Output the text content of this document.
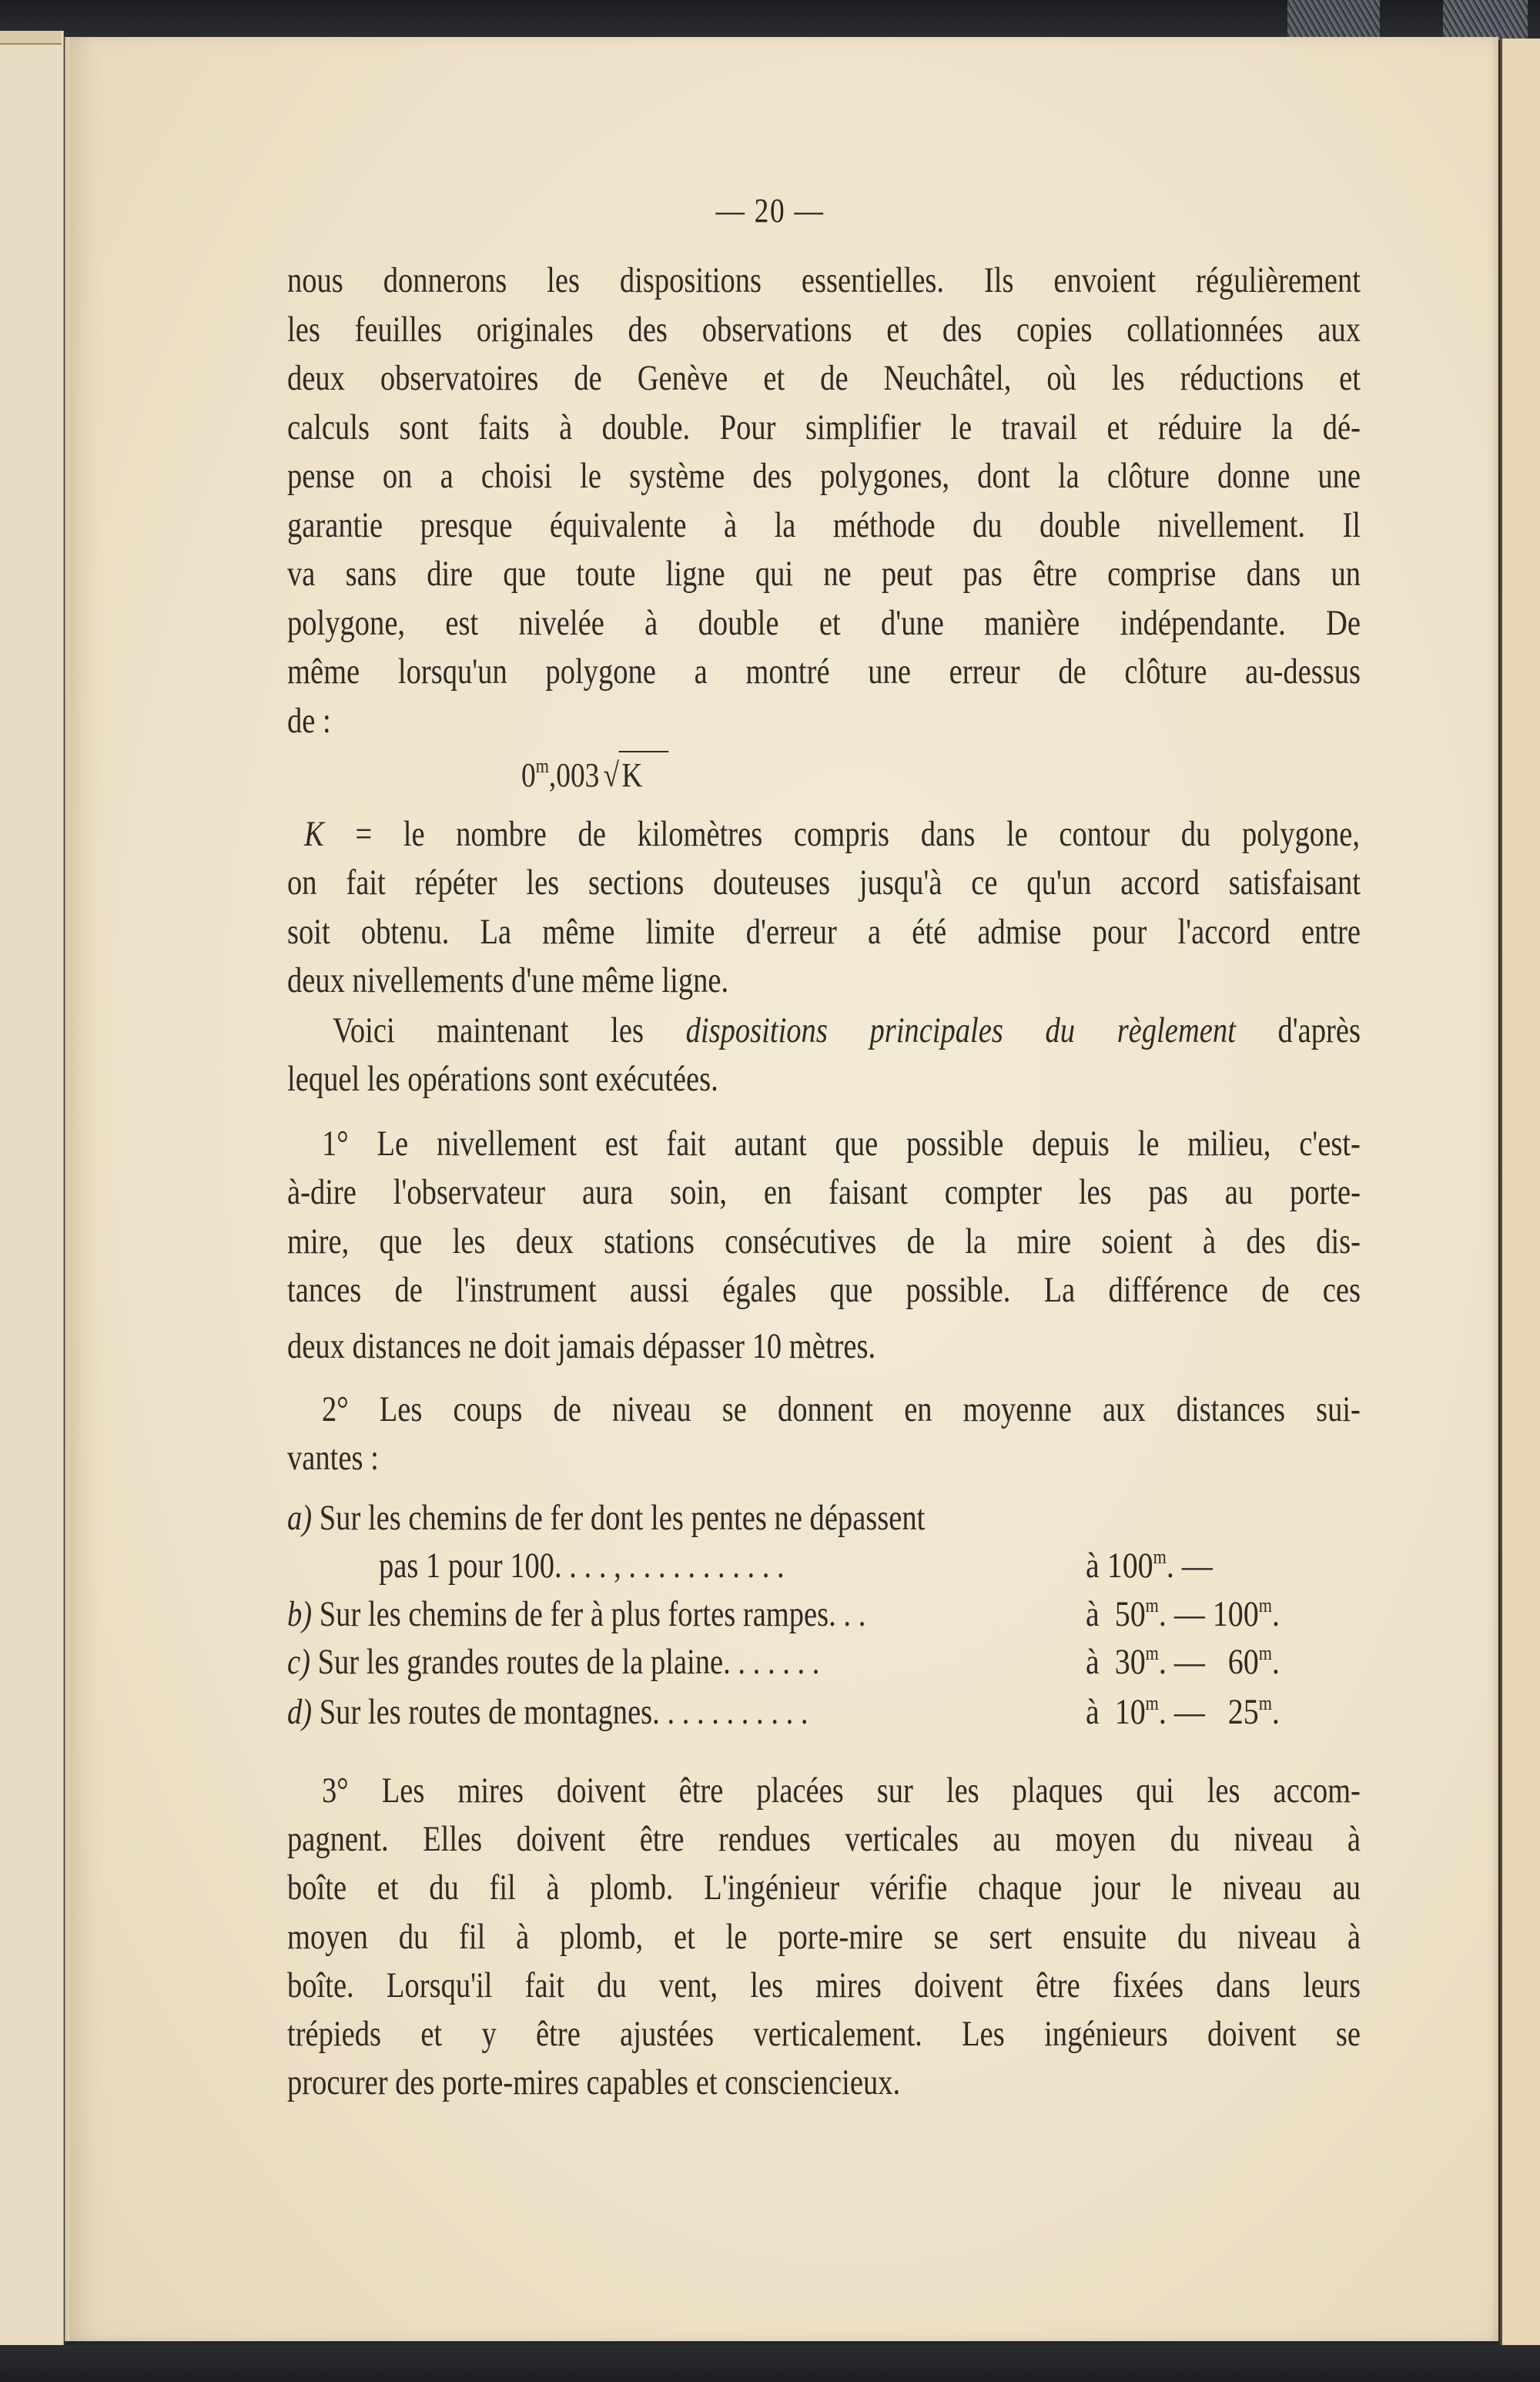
— 20 —
nous donnerons les dispositions essentielles. Ils envoient régulièrement
les feuilles originales des observations et des copies collationnées aux
deux observatoires de Genève et de Neuchâtel, où les réductions et
calculs sont faits à double. Pour simplifier le travail et réduire la dé-
pense on a choisi le système des polygones, dont la clôture donne une
garantie presque équivalente à la méthode du double nivellement. Il
va sans dire que toute ligne qui ne peut pas être comprise dans un
polygone, est nivelée à double et d'une manière indépendante. De
même lorsqu'un polygone a montré une erreur de clôture au-dessus
de :
0$^m$,003 √K
K = le nombre de kilomètres compris dans le contour du polygone,
on fait répéter les sections douteuses jusqu'à ce qu'un accord satisfaisant
soit obtenu. La même limite d'erreur a été admise pour l'accord entre
deux nivellements d'une même ligne.
Voici maintenant les dispositions principales du règlement d'après
lequel les opérations sont exécutées.
1° Le nivellement est fait autant que possible depuis le milieu, c'est-
à-dire l'observateur aura soin, en faisant compter les pas au porte-
mire, que les deux stations consécutives de la mire soient à des dis-
tances de l'instrument aussi égales que possible. La différence de ces
deux distances ne doit jamais dépasser 10 mètres.
2° Les coups de niveau se donnent en moyenne aux distances sui-
vantes :
a) Sur les chemins de fer dont les pentes ne dépassent
pas 1 pour 100. . . . , . . . . . . . . . . .	à 100$^m$. —
b) Sur les chemins de fer à plus fortes rampes. . .	à 50$^m$. — 100$^m$.
c) Sur les grandes routes de la plaine. . . . . . .	à 30$^m$. — 60$^m$.
d) Sur les routes de montagnes. . . . . . . . . . .	à 10$^m$. — 25$^m$.
3° Les mires doivent être placées sur les plaques qui les accom-
pagnent. Elles doivent être rendues verticales au moyen du niveau à
boîte et du fil à plomb. L'ingénieur vérifie chaque jour le niveau au
moyen du fil à plomb, et le porte-mire se sert ensuite du niveau à
boîte. Lorsqu'il fait du vent, les mires doivent être fixées dans leurs
trépieds et y être ajustées verticalement. Les ingénieurs doivent se
procurer des porte-mires capables et consciencieux.
